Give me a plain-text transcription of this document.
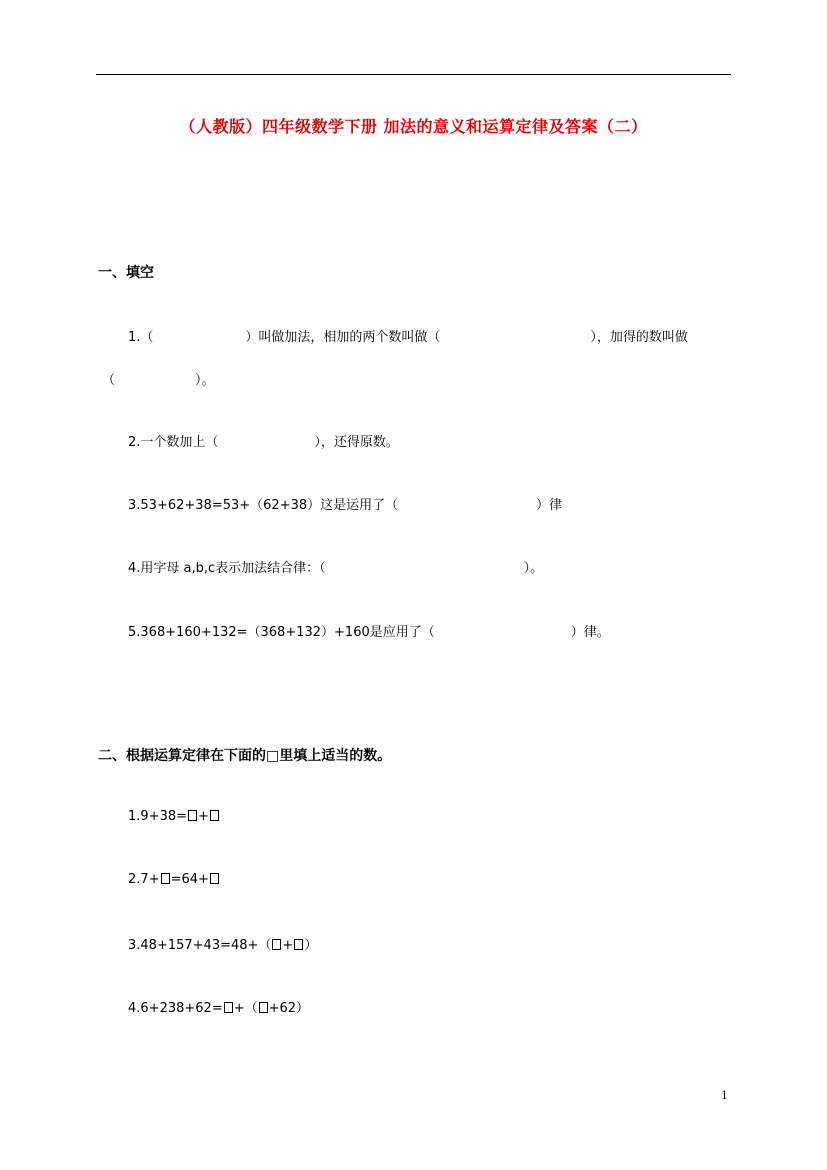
（人教版）四年级数学下册 加法的意义和运算定律及答案（二）
一、填空
1.（	）叫做加法，相加的两个数叫做（	），加得的数叫做
（	）。
2.一个数加上（	），还得原数。
3.53+62+38=53+（62+38）这是运用了（	）律
4.用字母 a,b,c表示加法结合律：（	）。
5.368+160+132=（368+132）+160是应用了（	）律。
二、根据运算定律在下面的□里填上适当的数。
1.9+38= +
2.7+ =64+
3.48+157+43=48+（ + ）
4.6+238+62= +（ +62）
1
